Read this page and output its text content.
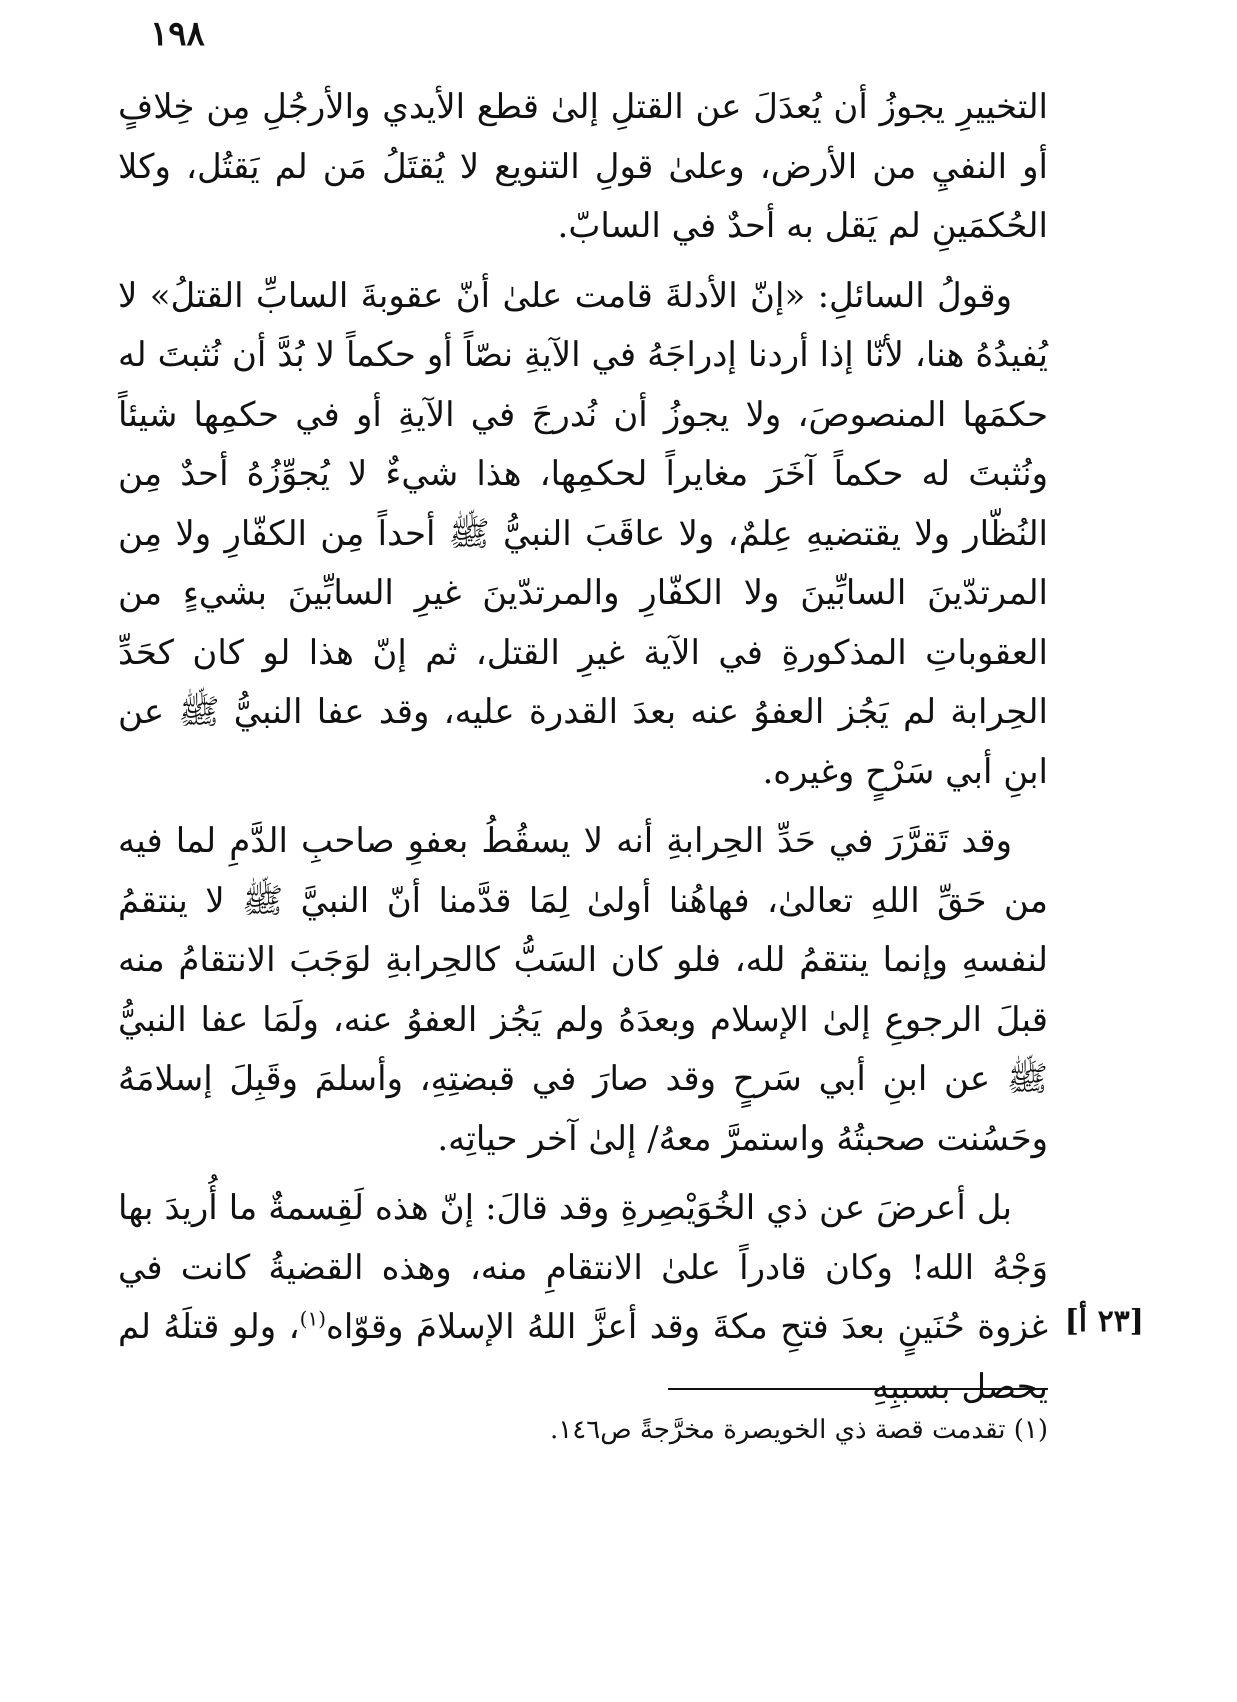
١٩٨

التخييرِ يجوزُ أن يُعدَلَ عن القتلِ إلىٰ قطع الأيدي والأرجُلِ مِن خِلافٍ أو النفيِ من الأرض، وعلىٰ قولِ التنويع لا يُقتَلُ مَن لم يَقتُل، وكلا الحُكمَينِ لم يَقل به أحدٌ في السابّ.

وقولُ السائلِ: «إنّ الأدلةَ قامت علىٰ أنّ عقوبةَ السابِّ القتلُ» لا يُفيدُهُ هنا، لأنّا إذا أردنا إدراجَهُ في الآيةِ نصّاً أو حكماً لا بُدَّ أن نُثبتَ له حكمَها المنصوصَ، ولا يجوزُ أن نُدرجَ في الآيةِ أو في حكمِها شيئاً ونُثبتَ له حكماً آخَرَ مغايراً لحكمِها، هذا شيءٌ لا يُجوِّزُهُ أحدٌ مِن النُظّار ولا يقتضيهِ عِلمٌ، ولا عاقَبَ النبيُّ ﷺ أحداً مِن الكفّارِ ولا مِن المرتدّينَ السابِّينَ ولا الكفّارِ والمرتدّينَ غيرِ السابِّينَ بشيءٍ من العقوباتِ المذكورةِ في الآية غيرِ القتل، ثم إنّ هذا لو كان كحَدِّ الحِرابة لم يَجُز العفوُ عنه بعدَ القدرة عليه، وقد عفا النبيُّ ﷺ عن ابنِ أبي سَرْحٍ وغيره.

[٢٣ أ]

وقد تَقرَّرَ في حَدِّ الحِرابةِ أنه لا يسقُطُ بعفوِ صاحبِ الدَّمِ لما فيه من حَقِّ اللهِ تعالىٰ، فهاهُنا أولىٰ لِمَا قدَّمنا أنّ النبيَّ ﷺ لا ينتقمُ لنفسهِ وإنما ينتقمُ لله، فلو كان السَبُّ كالحِرابةِ لوَجَبَ الانتقامُ منه قبلَ الرجوعِ إلىٰ الإسلام وبعدَهُ ولم يَجُز العفوُ عنه، ولَمَا عفا النبيُّ ﷺ عن ابنِ أبي سَرحٍ وقد صارَ في قبضتِهِ، وأسلمَ وقَبِلَ إسلامَهُ وحَسُنت صحبتُهُ واستمرَّ معهُ/ إلىٰ آخر حياتِه.

بل أعرضَ عن ذي الخُوَيْصِرةِ وقد قالَ: إنّ هذه لَقِسمةٌ ما أُريدَ بها وَجْهُ الله! وكان قادراً علىٰ الانتقامِ منه، وهذه القضيةُ كانت في غزوة حُنَينٍ بعدَ فتحِ مكةَ وقد أعزَّ اللهُ الإسلامَ وقوّاه$^{(١)}$، ولو قتلَهُ لم يحصل بسببِهِ

(١) تقدمت قصة ذي الخويصرة مخرَّجةً ص١٤٦.
